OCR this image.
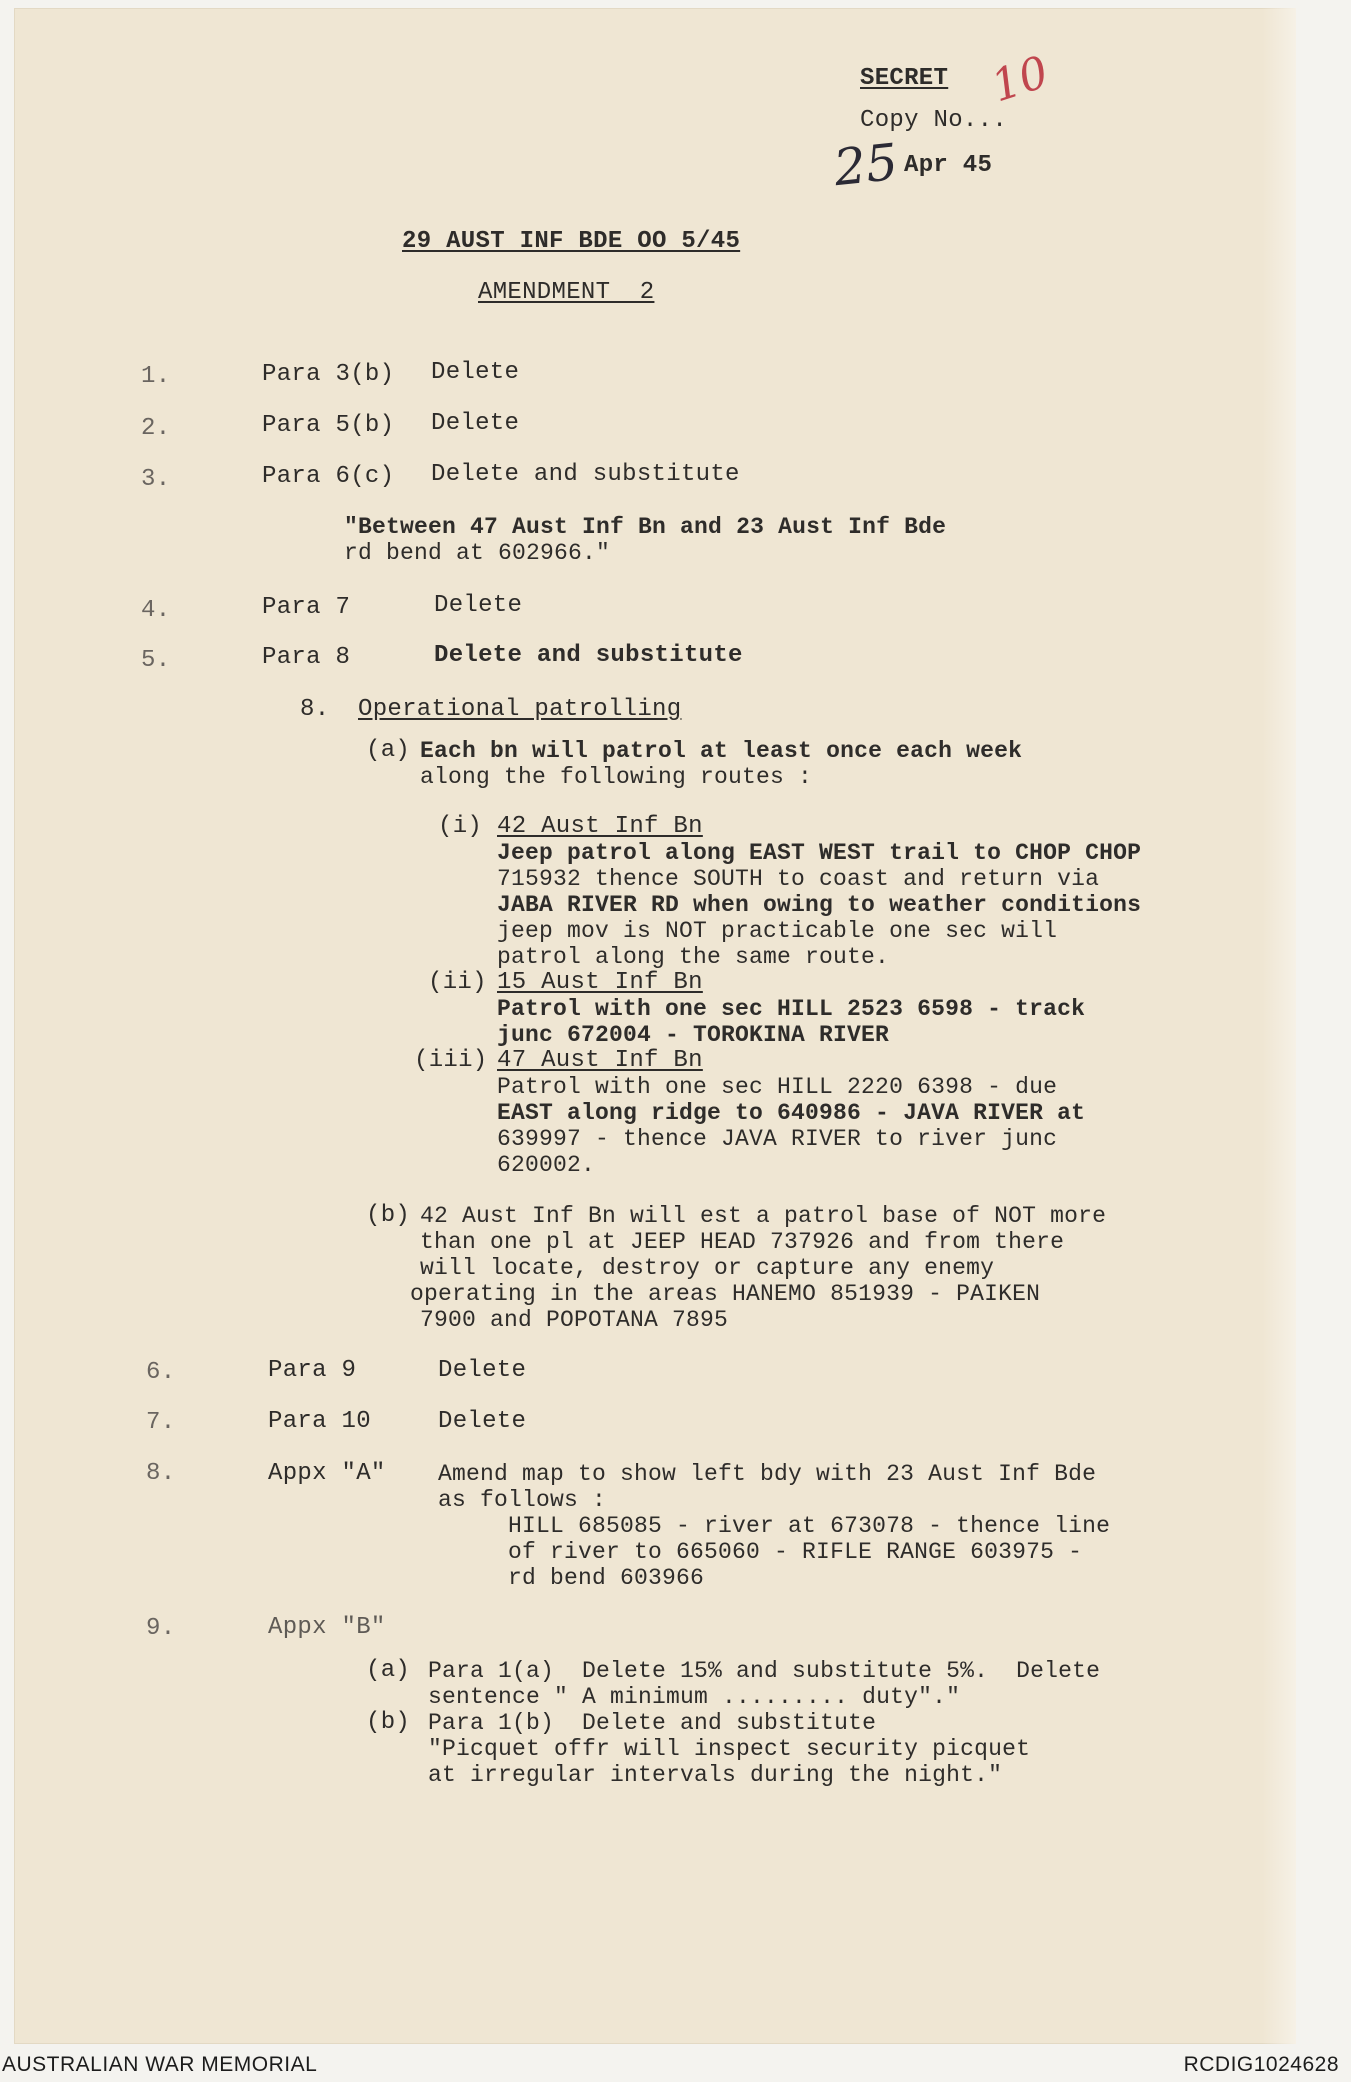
SECRET 10
Copy No...
25 Apr 45
29 AUST INF BDE OO 5/45
AMENDMENT  2
1.	Para 3(b) Delete
2.	Para 5(b) Delete
3.	Para 6(c) Delete and substitute
"Between 47 Aust Inf Bn and 23 Aust Inf Bde
rd bend at 602966."
4.	Para 7	Delete
5.	Para 8	Delete and substitute
8. Operational patrolling
(a) Each bn will patrol at least once each week
along the following routes :
(i) 42 Aust Inf Bn
Jeep patrol along EAST WEST trail to CHOP CHOP
715932 thence SOUTH to coast and return via
JABA RIVER RD when owing to weather conditions
jeep mov is NOT practicable one sec will
patrol along the same route.
(ii) 15 Aust Inf Bn
Patrol with one sec HILL 2523 6598 - track
junc 672004 - TOROKINA RIVER
(iii) 47 Aust Inf Bn
Patrol with one sec HILL 2220 6398 - due
EAST along ridge to 640986 - JAVA RIVER at
639997 - thence JAVA RIVER to river junc
620002.
(b) 42 Aust Inf Bn will est a patrol base of NOT more
than one pl at JEEP HEAD 737926 and from there
will locate, destroy or capture any enemy
operating in the areas HANEMO 851939 - PAIKEN
7900 and POPOTANA 7895
6.	Para 9	Delete
7.	Para 10	Delete
8.	Appx "A" Amend map to show left bdy with 23 Aust Inf Bde
as follows :
HILL 685085 - river at 673078 - thence line
of river to 665060 - RIFLE RANGE 603975 -
rd bend 603966
9.	Appx "B"
(a) Para 1(a)  Delete 15% and substitute 5%.  Delete
sentence " A minimum ......... duty"."
(b) Para 1(b)  Delete and substitute
"Picquet offr will inspect security picquet
at irregular intervals during the night."
AUSTRALIAN WAR MEMORIAL	RCDIG1024628
